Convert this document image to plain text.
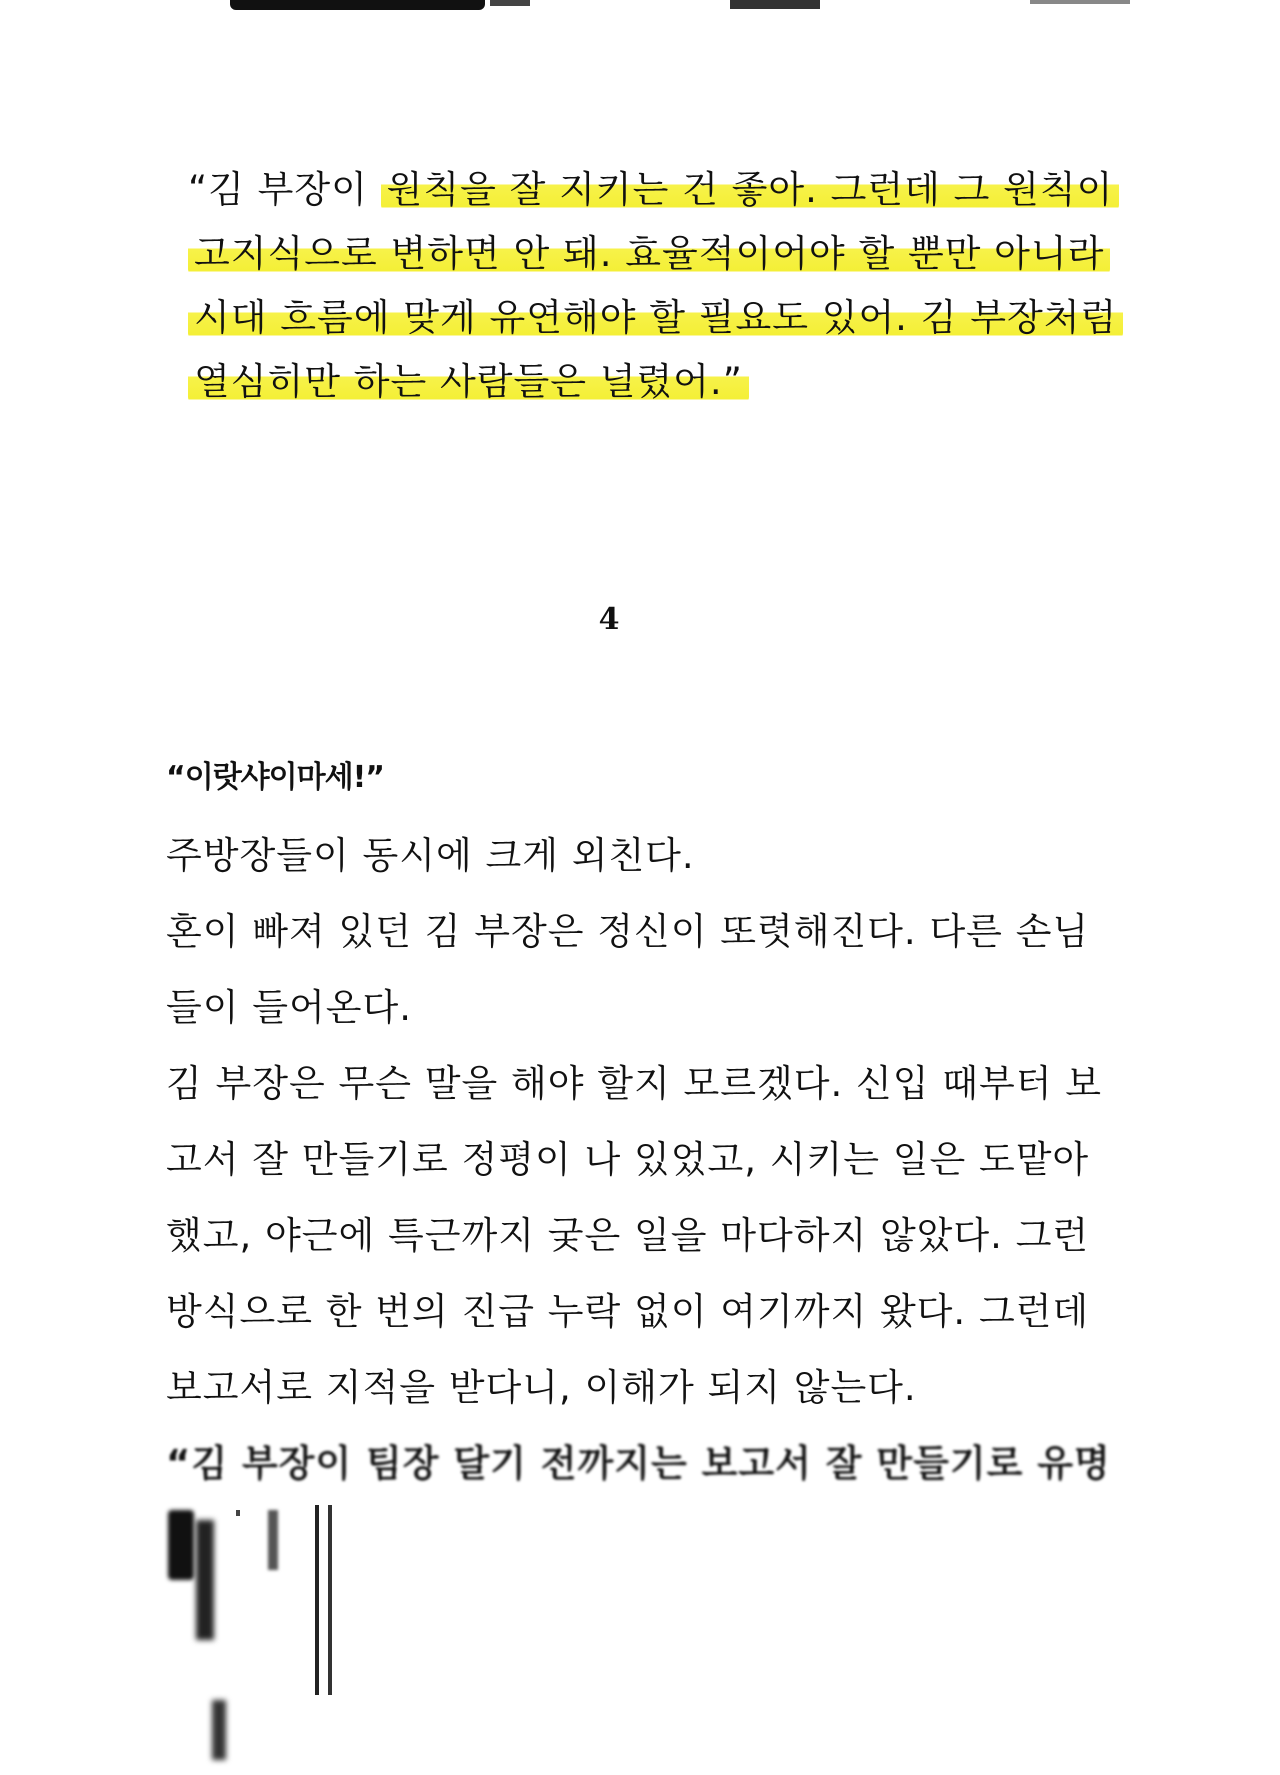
“김 부장이 원칙을 잘 지키는 건 좋아. 그런데 그 원칙이
고지식으로 변하면 안 돼. 효율적이어야 할 뿐만 아니라
시대 흐름에 맞게 유연해야 할 필요도 있어. 김 부장처럼
열심히만 하는 사람들은 널렸어.”
4
“이랏샤이마세!”
주방장들이 동시에 크게 외친다.
혼이 빠져 있던 김 부장은 정신이 또렷해진다. 다른 손님
들이 들어온다.
김 부장은 무슨 말을 해야 할지 모르겠다. 신입 때부터 보
고서 잘 만들기로 정평이 나 있었고, 시키는 일은 도맡아
했고, 야근에 특근까지 궂은 일을 마다하지 않았다. 그런
방식으로 한 번의 진급 누락 없이 여기까지 왔다. 그런데
보고서로 지적을 받다니, 이해가 되지 않는다.
“김 부장이 팀장 달기 전까지는 보고서 잘 만들기로 유명
